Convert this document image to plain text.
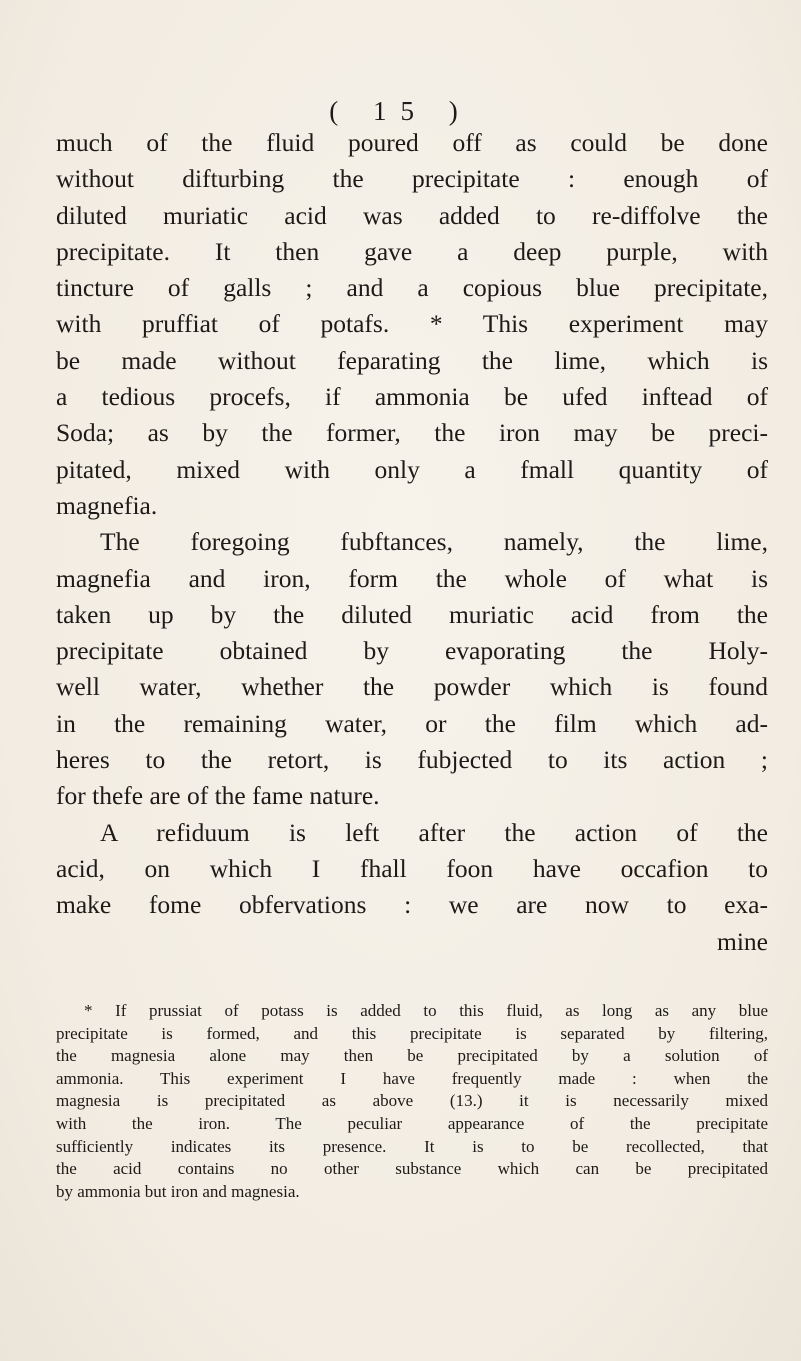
( 15 )
much of the fluid poured off as could be done
without difturbing the precipitate : enough of
diluted muriatic acid was added to re-diffolve the
precipitate. It then gave a deep purple, with
tincture of galls ; and a copious blue precipitate,
with pruffiat of potafs. * This experiment may
be made without feparating the lime, which is
a tedious procefs, if ammonia be ufed inftead of
Soda; as by the former, the iron may be preci-
pitated, mixed with only a fmall quantity of
magnefia.
The foregoing fubftances, namely, the lime,
magnefia and iron, form the whole of what is
taken up by the diluted muriatic acid from the
precipitate obtained by evaporating the Holy-
well water, whether the powder which is found
in the remaining water, or the film which ad-
heres to the retort, is fubjected to its action ;
for thefe are of the fame nature.
A refiduum is left after the action of the
acid, on which I fhall foon have occafion to
make fome obfervations : we are now to exa-
mine
* If prussiat of potass is added to this fluid, as long as any blue
precipitate is formed, and this precipitate is separated by filtering,
the magnesia alone may then be precipitated by a solution of
ammonia. This experiment I have frequently made : when the
magnesia is precipitated as above (13.) it is necessarily mixed
with the iron. The peculiar appearance of the precipitate
sufficiently indicates its presence. It is to be recollected, that
the acid contains no other substance which can be precipitated
by ammonia but iron and magnesia.
